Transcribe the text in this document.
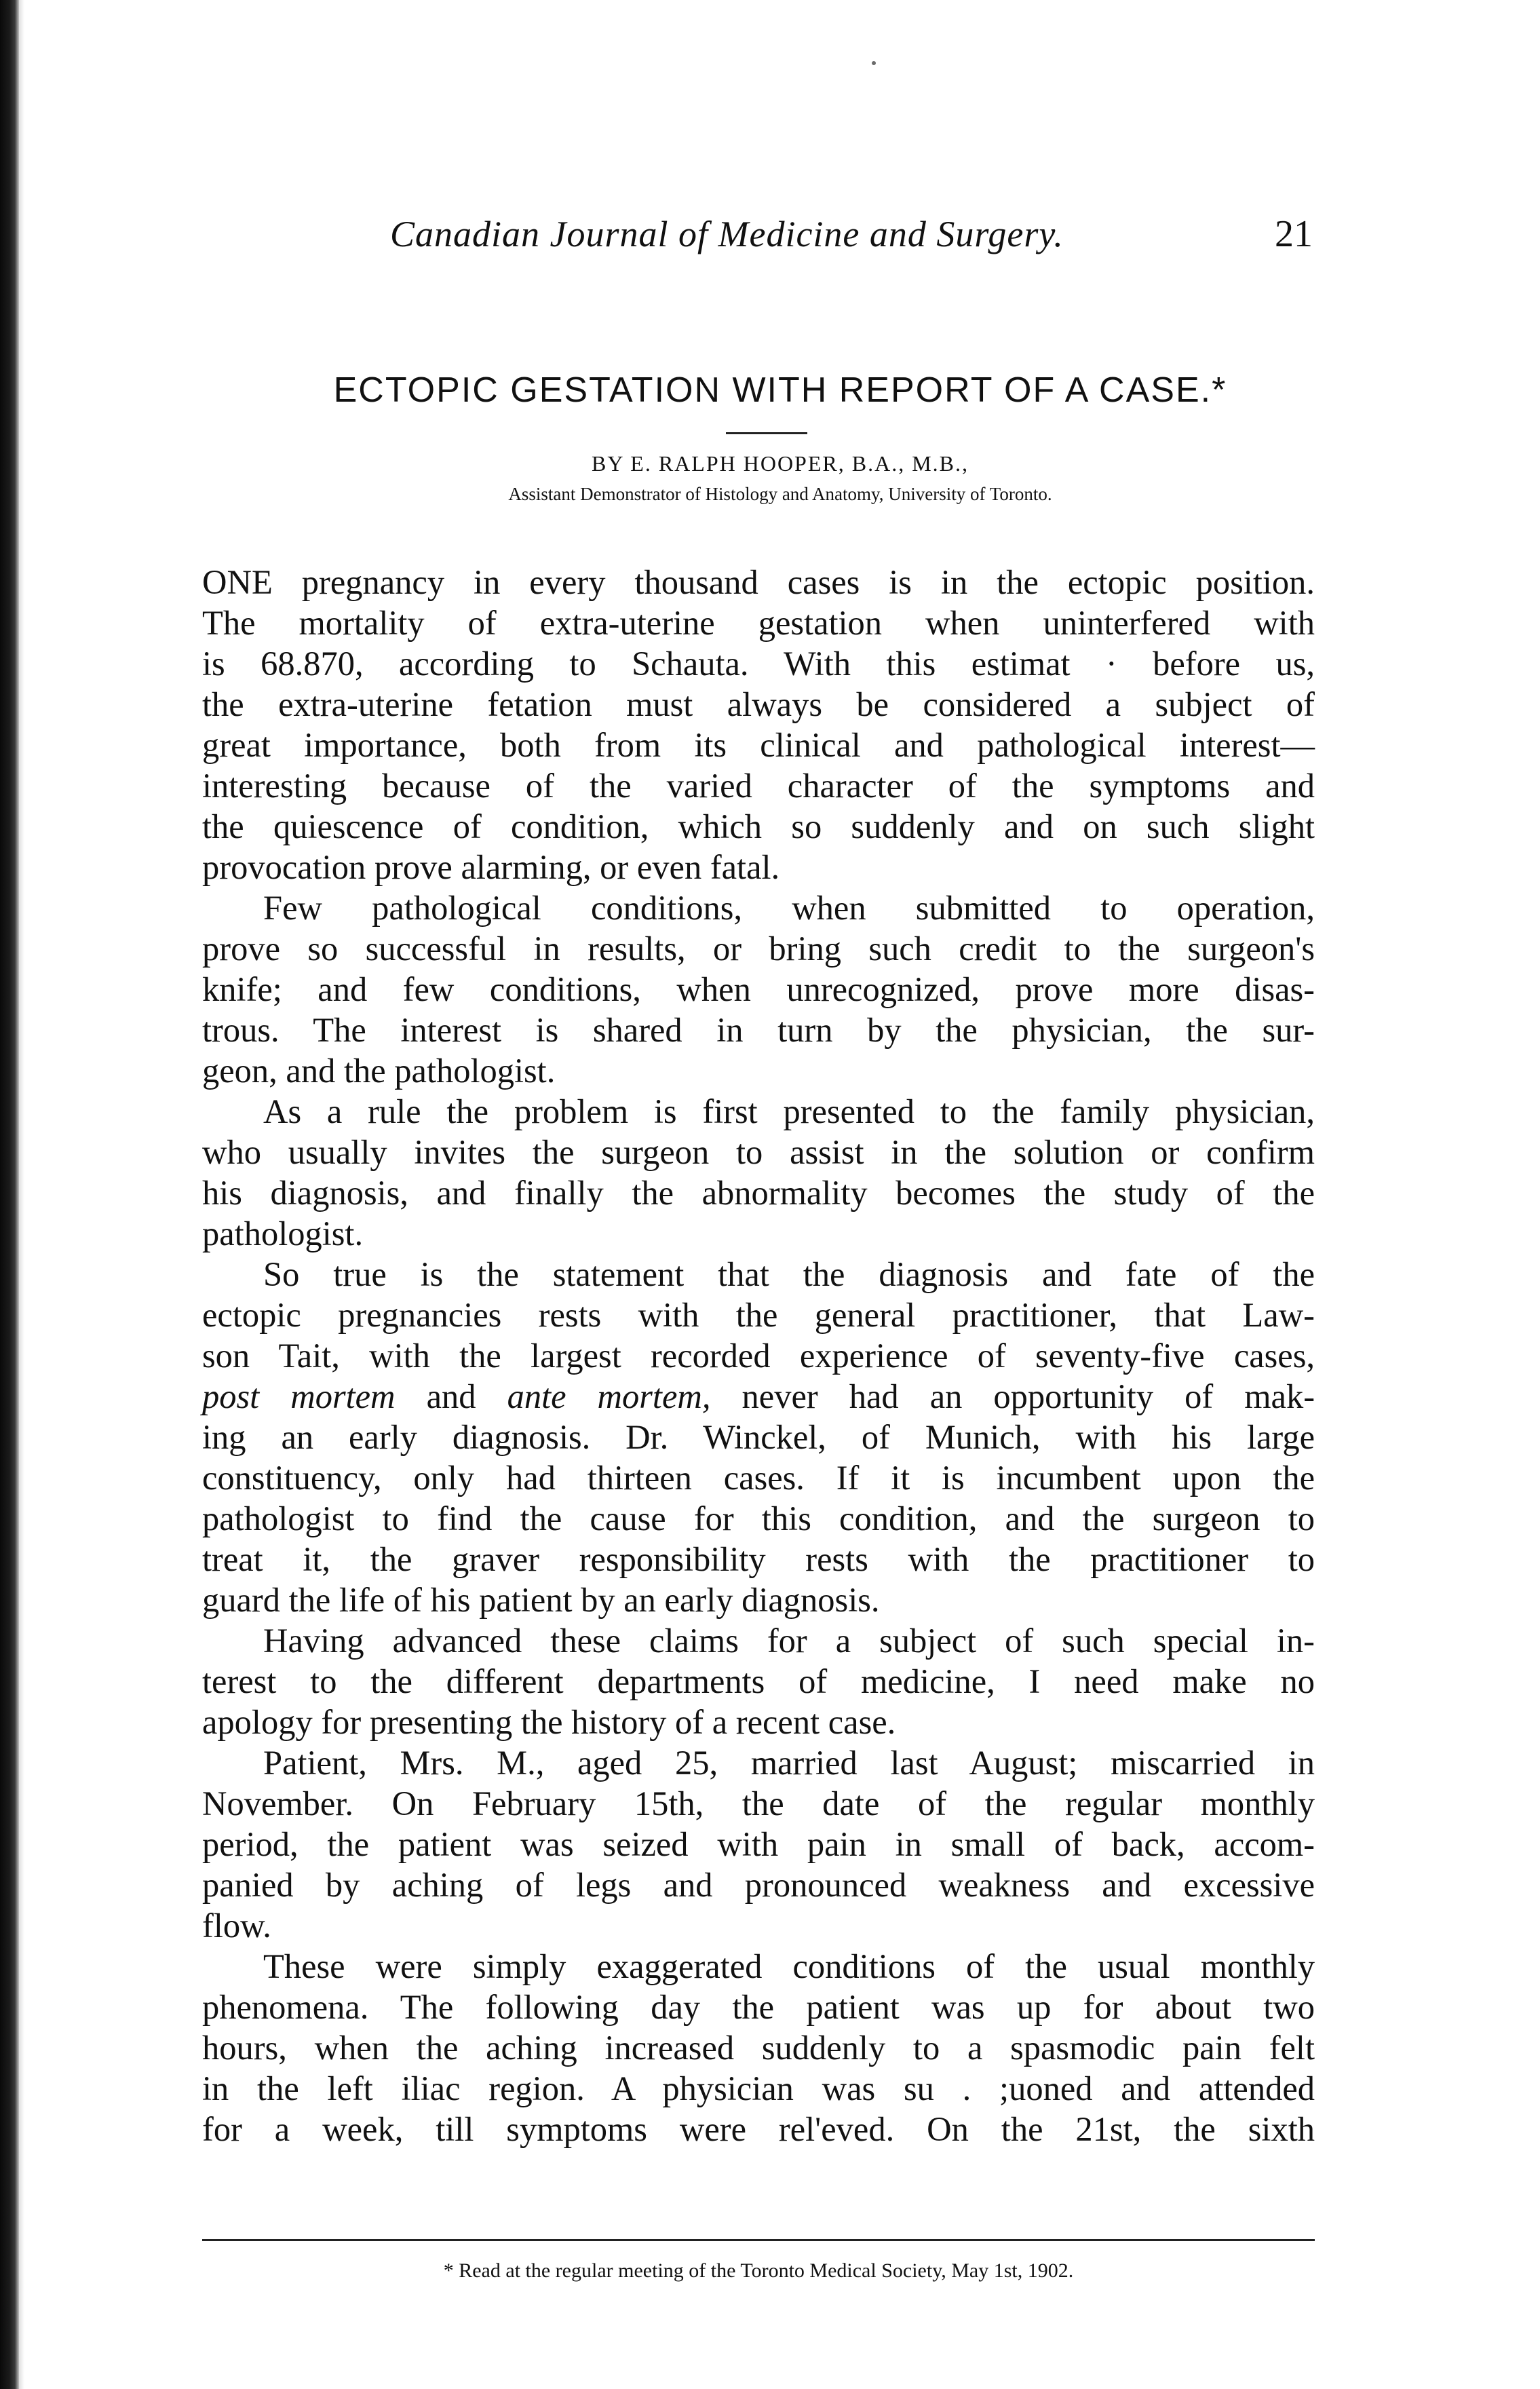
Canadian Journal of Medicine and Surgery.	21
ECTOPIC GESTATION WITH REPORT OF A CASE.*
BY E. RALPH HOOPER, B.A., M.B.,
Assistant Demonstrator of Histology and Anatomy, University of Toronto.
ONE pregnancy in every thousand cases is in the ectopic position.
The mortality of extra-uterine gestation when uninterfered with
is 68.870, according to Schauta. With this estimat · before us,
the extra-uterine fetation must always be considered a subject of
great importance, both from its clinical and pathological interest—
interesting because of the varied character of the symptoms and
the quiescence of condition, which so suddenly and on such slight
provocation prove alarming, or even fatal.
Few pathological conditions, when submitted to operation,
prove so successful in results, or bring such credit to the surgeon's
knife; and few conditions, when unrecognized, prove more disas-
trous. The interest is shared in turn by the physician, the sur-
geon, and the pathologist.
As a rule the problem is first presented to the family physician,
who usually invites the surgeon to assist in the solution or confirm
his diagnosis, and finally the abnormality becomes the study of the
pathologist.
So true is the statement that the diagnosis and fate of the
ectopic pregnancies rests with the general practitioner, that Law-
son Tait, with the largest recorded experience of seventy-five cases,
post mortem and ante mortem, never had an opportunity of mak-
ing an early diagnosis. Dr. Winckel, of Munich, with his large
constituency, only had thirteen cases. If it is incumbent upon the
pathologist to find the cause for this condition, and the surgeon to
treat it, the graver responsibility rests with the practitioner to
guard the life of his patient by an early diagnosis.
Having advanced these claims for a subject of such special in-
terest to the different departments of medicine, I need make no
apology for presenting the history of a recent case.
Patient, Mrs. M., aged 25, married last August; miscarried in
November. On February 15th, the date of the regular monthly
period, the patient was seized with pain in small of back, accom-
panied by aching of legs and pronounced weakness and excessive
flow.
These were simply exaggerated conditions of the usual monthly
phenomena. The following day the patient was up for about two
hours, when the aching increased suddenly to a spasmodic pain felt
in the left iliac region. A physician was su . ;uoned and attended
for a week, till symptoms were rel'eved. On the 21st, the sixth
* Read at the regular meeting of the Toronto Medical Society, May 1st, 1902.
